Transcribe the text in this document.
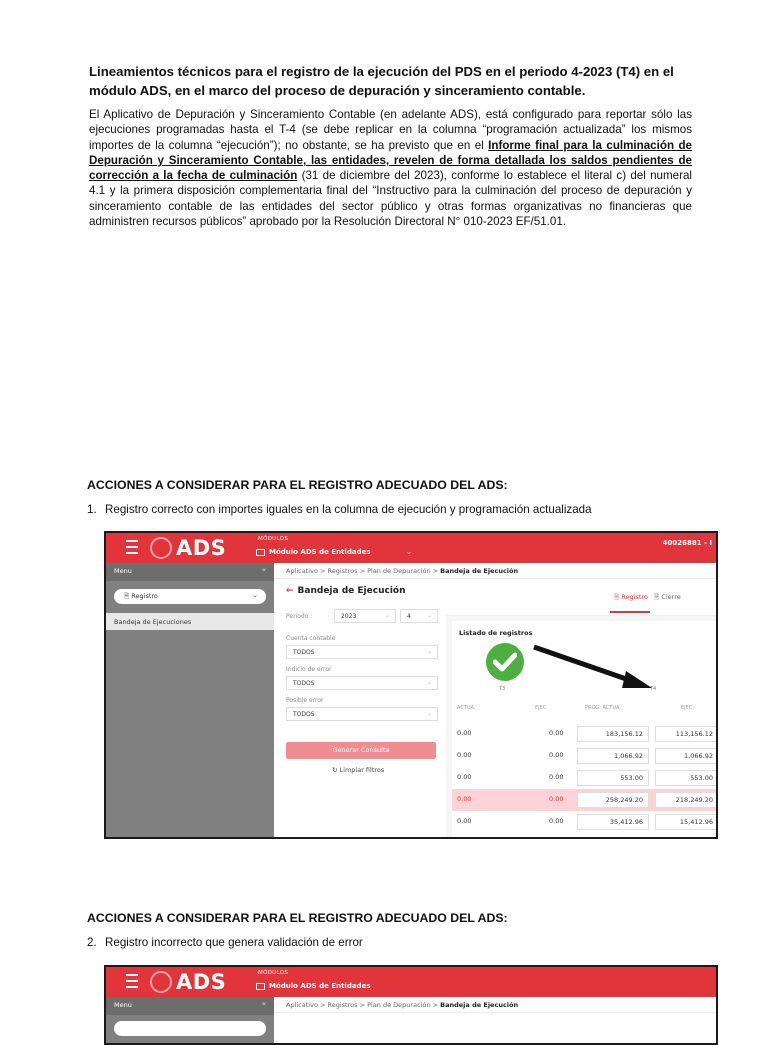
Lineamientos técnicos para el registro de la ejecución del PDS en el periodo 4-2023 (T4) en el módulo ADS, en el marco del proceso de depuración y sinceramiento contable.

El Aplicativo de Depuración y Sinceramiento Contable (en adelante ADS), está configurado para reportar sólo las ejecuciones programadas hasta el T-4 (se debe replicar en la columna “programación actualizada” los mismos importes de la columna “ejecución”); no obstante, se ha previsto que en el Informe final para la culminación de Depuración y Sinceramiento Contable, las entidades, revelen de forma detallada los saldos pendientes de corrección a la fecha de culminación (31 de diciembre del 2023), conforme lo establece el literal c) del numeral 4.1 y la primera disposición complementaria final del “Instructivo para la culminación del proceso de depuración y sinceramiento contable de las entidades del sector público y otras formas organizativas no financieras que administren recursos públicos” aprobado por la Resolución Directoral N° 010-2023 EF/51.01.

ACCIONES A CONSIDERAR PARA EL REGISTRO ADECUADO DEL ADS:

1. Registro correcto con importes iguales en la columna de ejecución y programación actualizada

ADS	MÓDULOS
Módulo ADS de Entidades	⌄
40026881 - I
Menu	«
🗎 Registro	⌄
Bandeja de Ejecuciones
Aplicativo > Registros > Plan de Depuración > Bandeja de Ejecución
← Bandeja de Ejecución
Periodo :	2023	⌄	4	⌄
Cuenta contable
TODOS	⌄
Indicio de error
TODOS	⌄
Posible error
TODOS	⌄
Generar Consulta
↻ Limpiar filtros
🗎 Registro 🗎 Cierre
Listado de registros
T3	T4
ACTUA.	EJEC.	PROG. ACTUA.	EJEC.
0.00	0.00	183,156.12	113,156.12
0.00	0.00	1,066.92	1,066.92
0.00	0.00	553.00	553.00
0.00	0.00	258,249.20	218,249.20
0.00	0.00	35,412.96	15,412.96

ACCIONES A CONSIDERAR PARA EL REGISTRO ADECUADO DEL ADS:

2. Registro incorrecto que genera validación de error

ADS	MÓDULOS
Módulo ADS de Entidades
Menu	«	Aplicativo > Registros > Plan de Depuración > Bandeja de Ejecución
